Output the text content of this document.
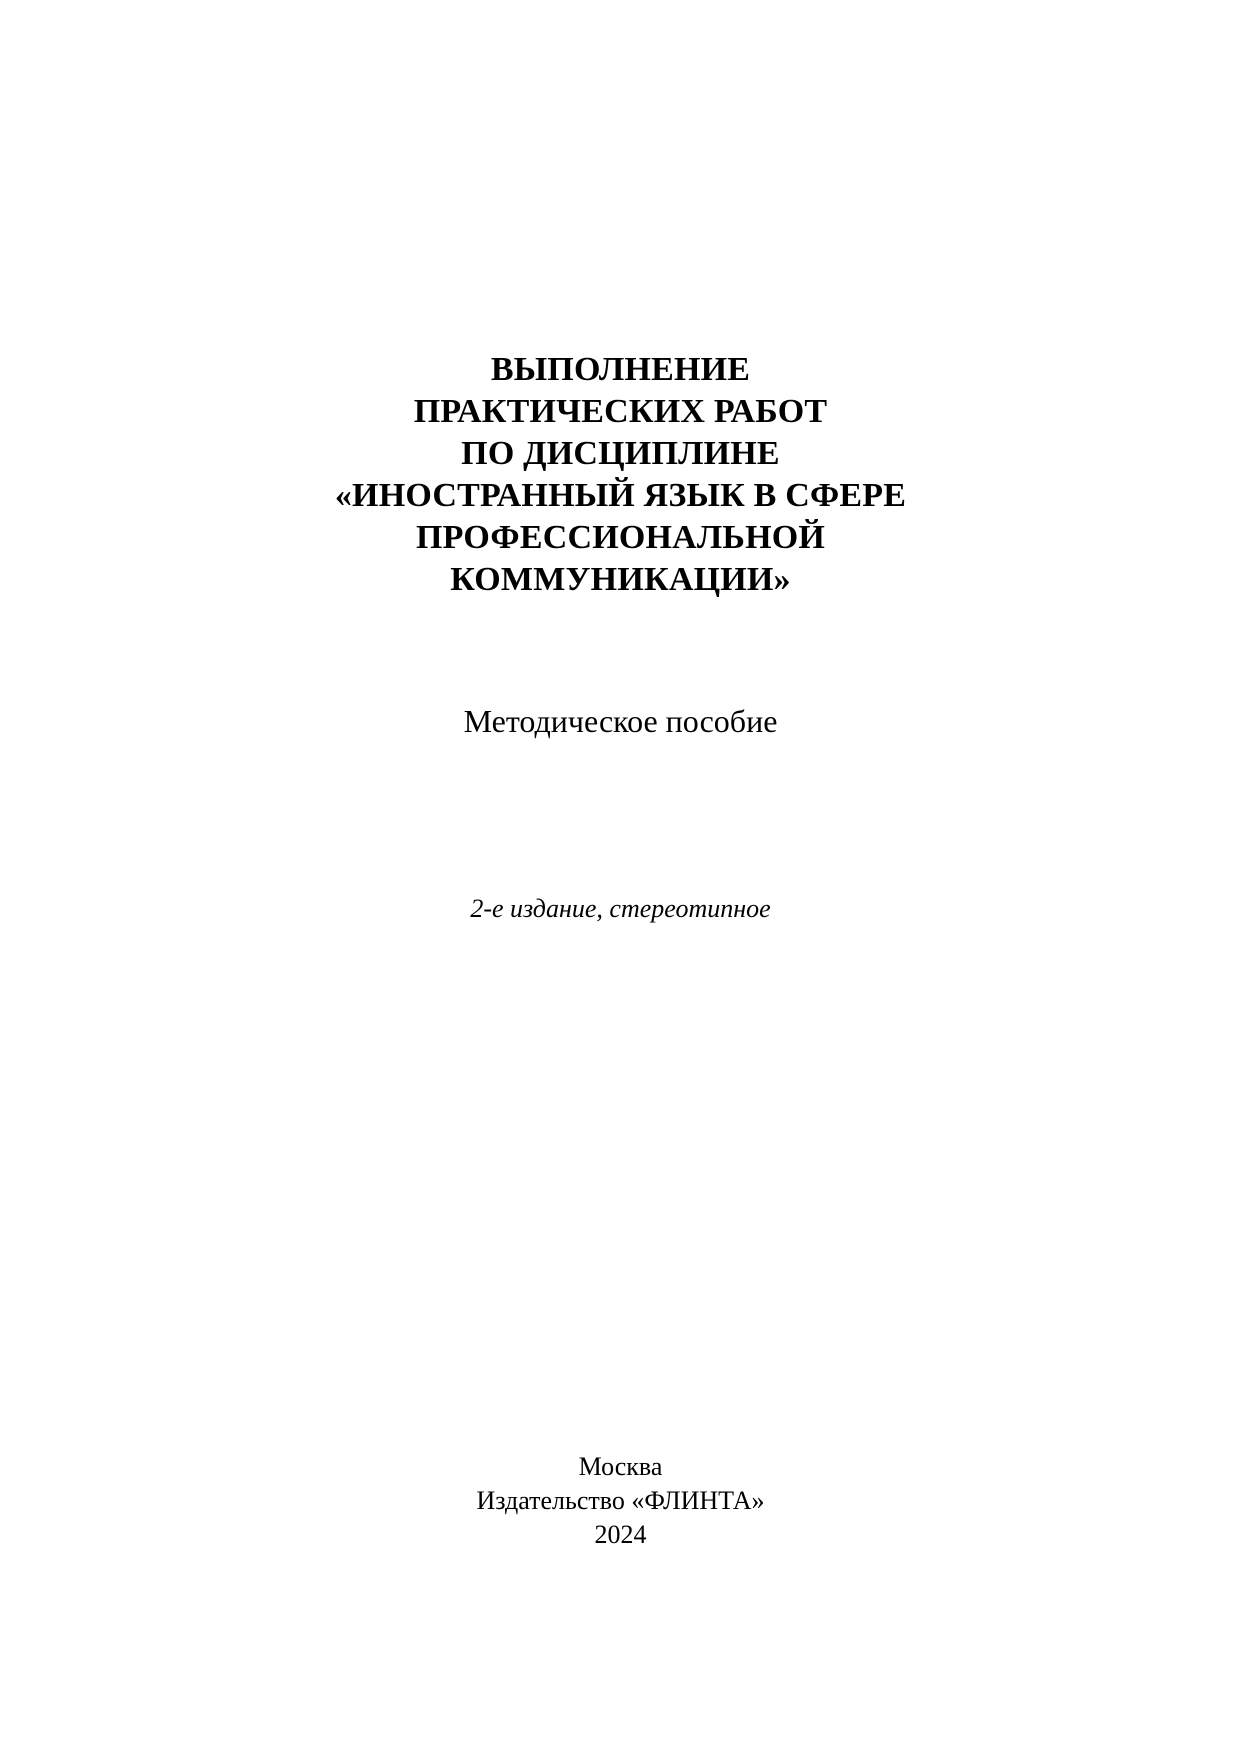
ВЫПОЛНЕНИЕ
ПРАКТИЧЕСКИХ РАБОТ
ПО ДИСЦИПЛИНЕ
«ИНОСТРАННЫЙ ЯЗЫК В СФЕРЕ
ПРОФЕССИОНАЛЬНОЙ
КОММУНИКАЦИИ»
Методическое пособие
2-е издание, стереотипное
Москва
Издательство «ФЛИНТА»
2024
